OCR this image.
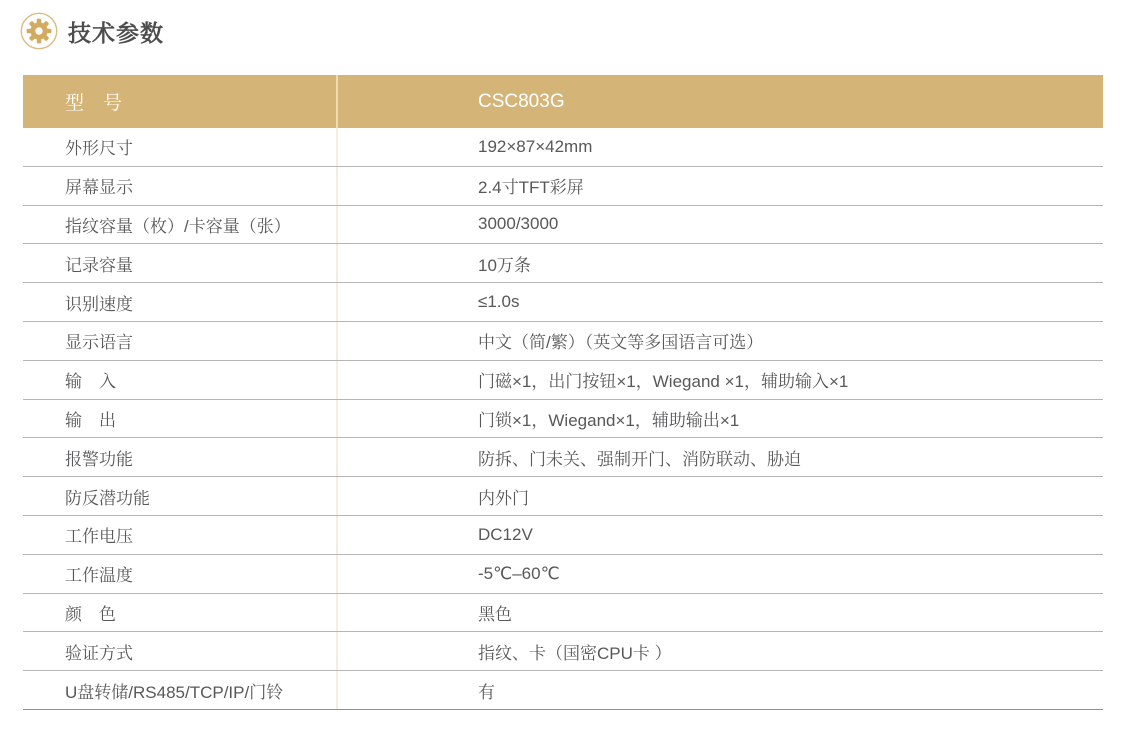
技术参数
型　号	CSC803G
外形尺寸	192×87×42mm
屏幕显示	2.4寸TFT彩屏
指纹容量（枚）/卡容量（张）	3000/3000
记录容量	10万条
识别速度	≤1.0s
显示语言	中文（简/繁）（英文等多国语言可选）
输　入	门磁×1，出门按钮×1，Wiegand ×1，辅助输入×1
输　出	门锁×1，Wiegand×1，辅助输出×1
报警功能	防拆、门未关、强制开门、消防联动、胁迫
防反潜功能	内外门
工作电压	DC12V
工作温度	-5℃–60℃
颜　色	黑色
验证方式	指纹、卡（国密CPU卡 ）
U盘转储/RS485/TCP/IP/门铃	有
